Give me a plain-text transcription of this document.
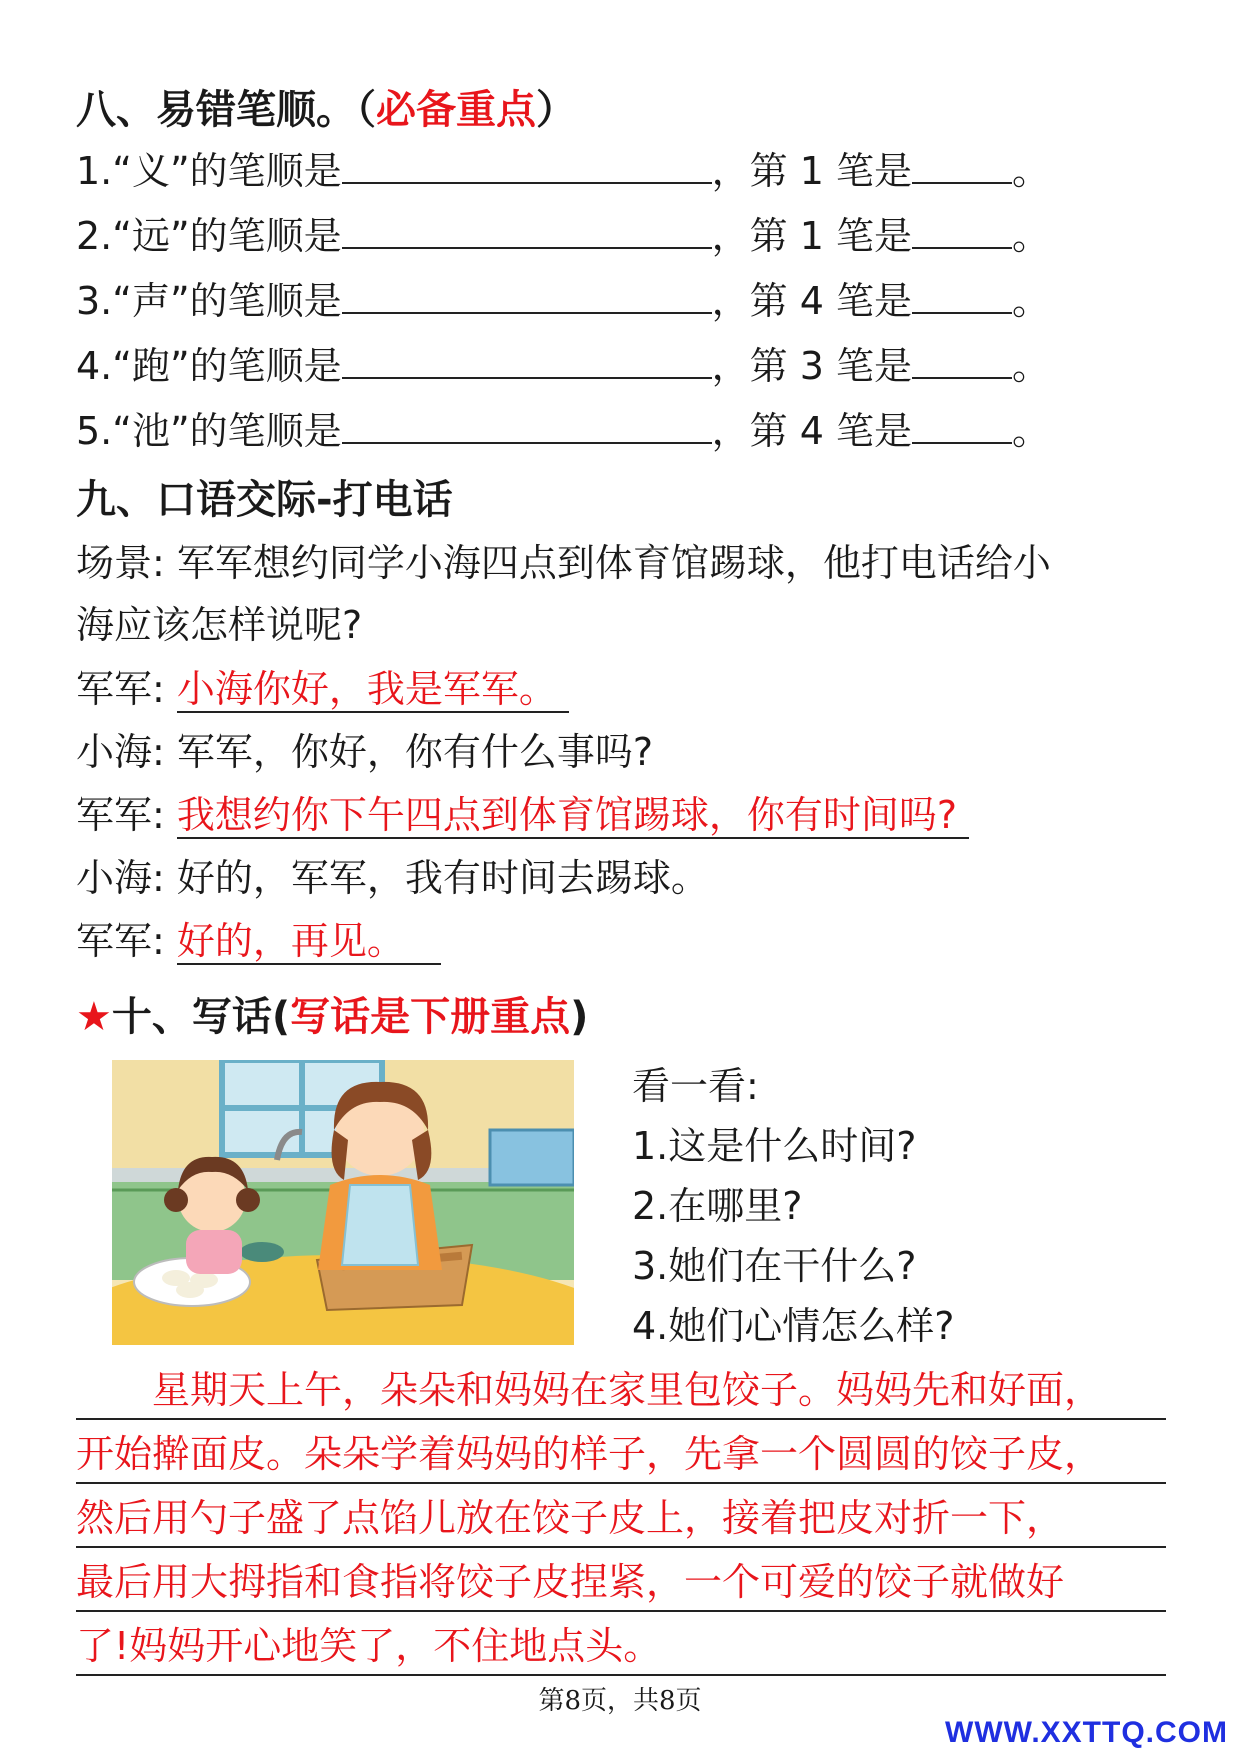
八、易错笔顺。（必备重点）
1.“义”的笔顺是	，第 1 笔是	。
2.“远”的笔顺是	，第 1 笔是	。
3.“声”的笔顺是	，第 4 笔是	。
4.“跑”的笔顺是	，第 3 笔是	。
5.“池”的笔顺是	，第 4 笔是	。
九、口语交际-打电话
场景: 军军想约同学小海四点到体育馆踢球，他打电话给小
海应该怎样说呢?
军军: 小海你好，我是军军。
小海: 军军，你好，你有什么事吗?
军军: 我想约你下午四点到体育馆踢球，你有时间吗?
小海: 好的，军军，我有时间去踢球。
军军: 好的，再见。
★十、写话(写话是下册重点)
看一看:
1.这是什么时间?
2.在哪里?
3.她们在干什么?
4.她们心情怎么样?
　　星期天上午，朵朵和妈妈在家里包饺子。妈妈先和好面，
开始擀面皮。朵朵学着妈妈的样子，先拿一个圆圆的饺子皮，
然后用勺子盛了点馅儿放在饺子皮上，接着把皮对折一下，
最后用大拇指和食指将饺子皮捏紧，一个可爱的饺子就做好
了!妈妈开心地笑了，不住地点头。
第8页，共8页
WWW.XXTTQ.COM
